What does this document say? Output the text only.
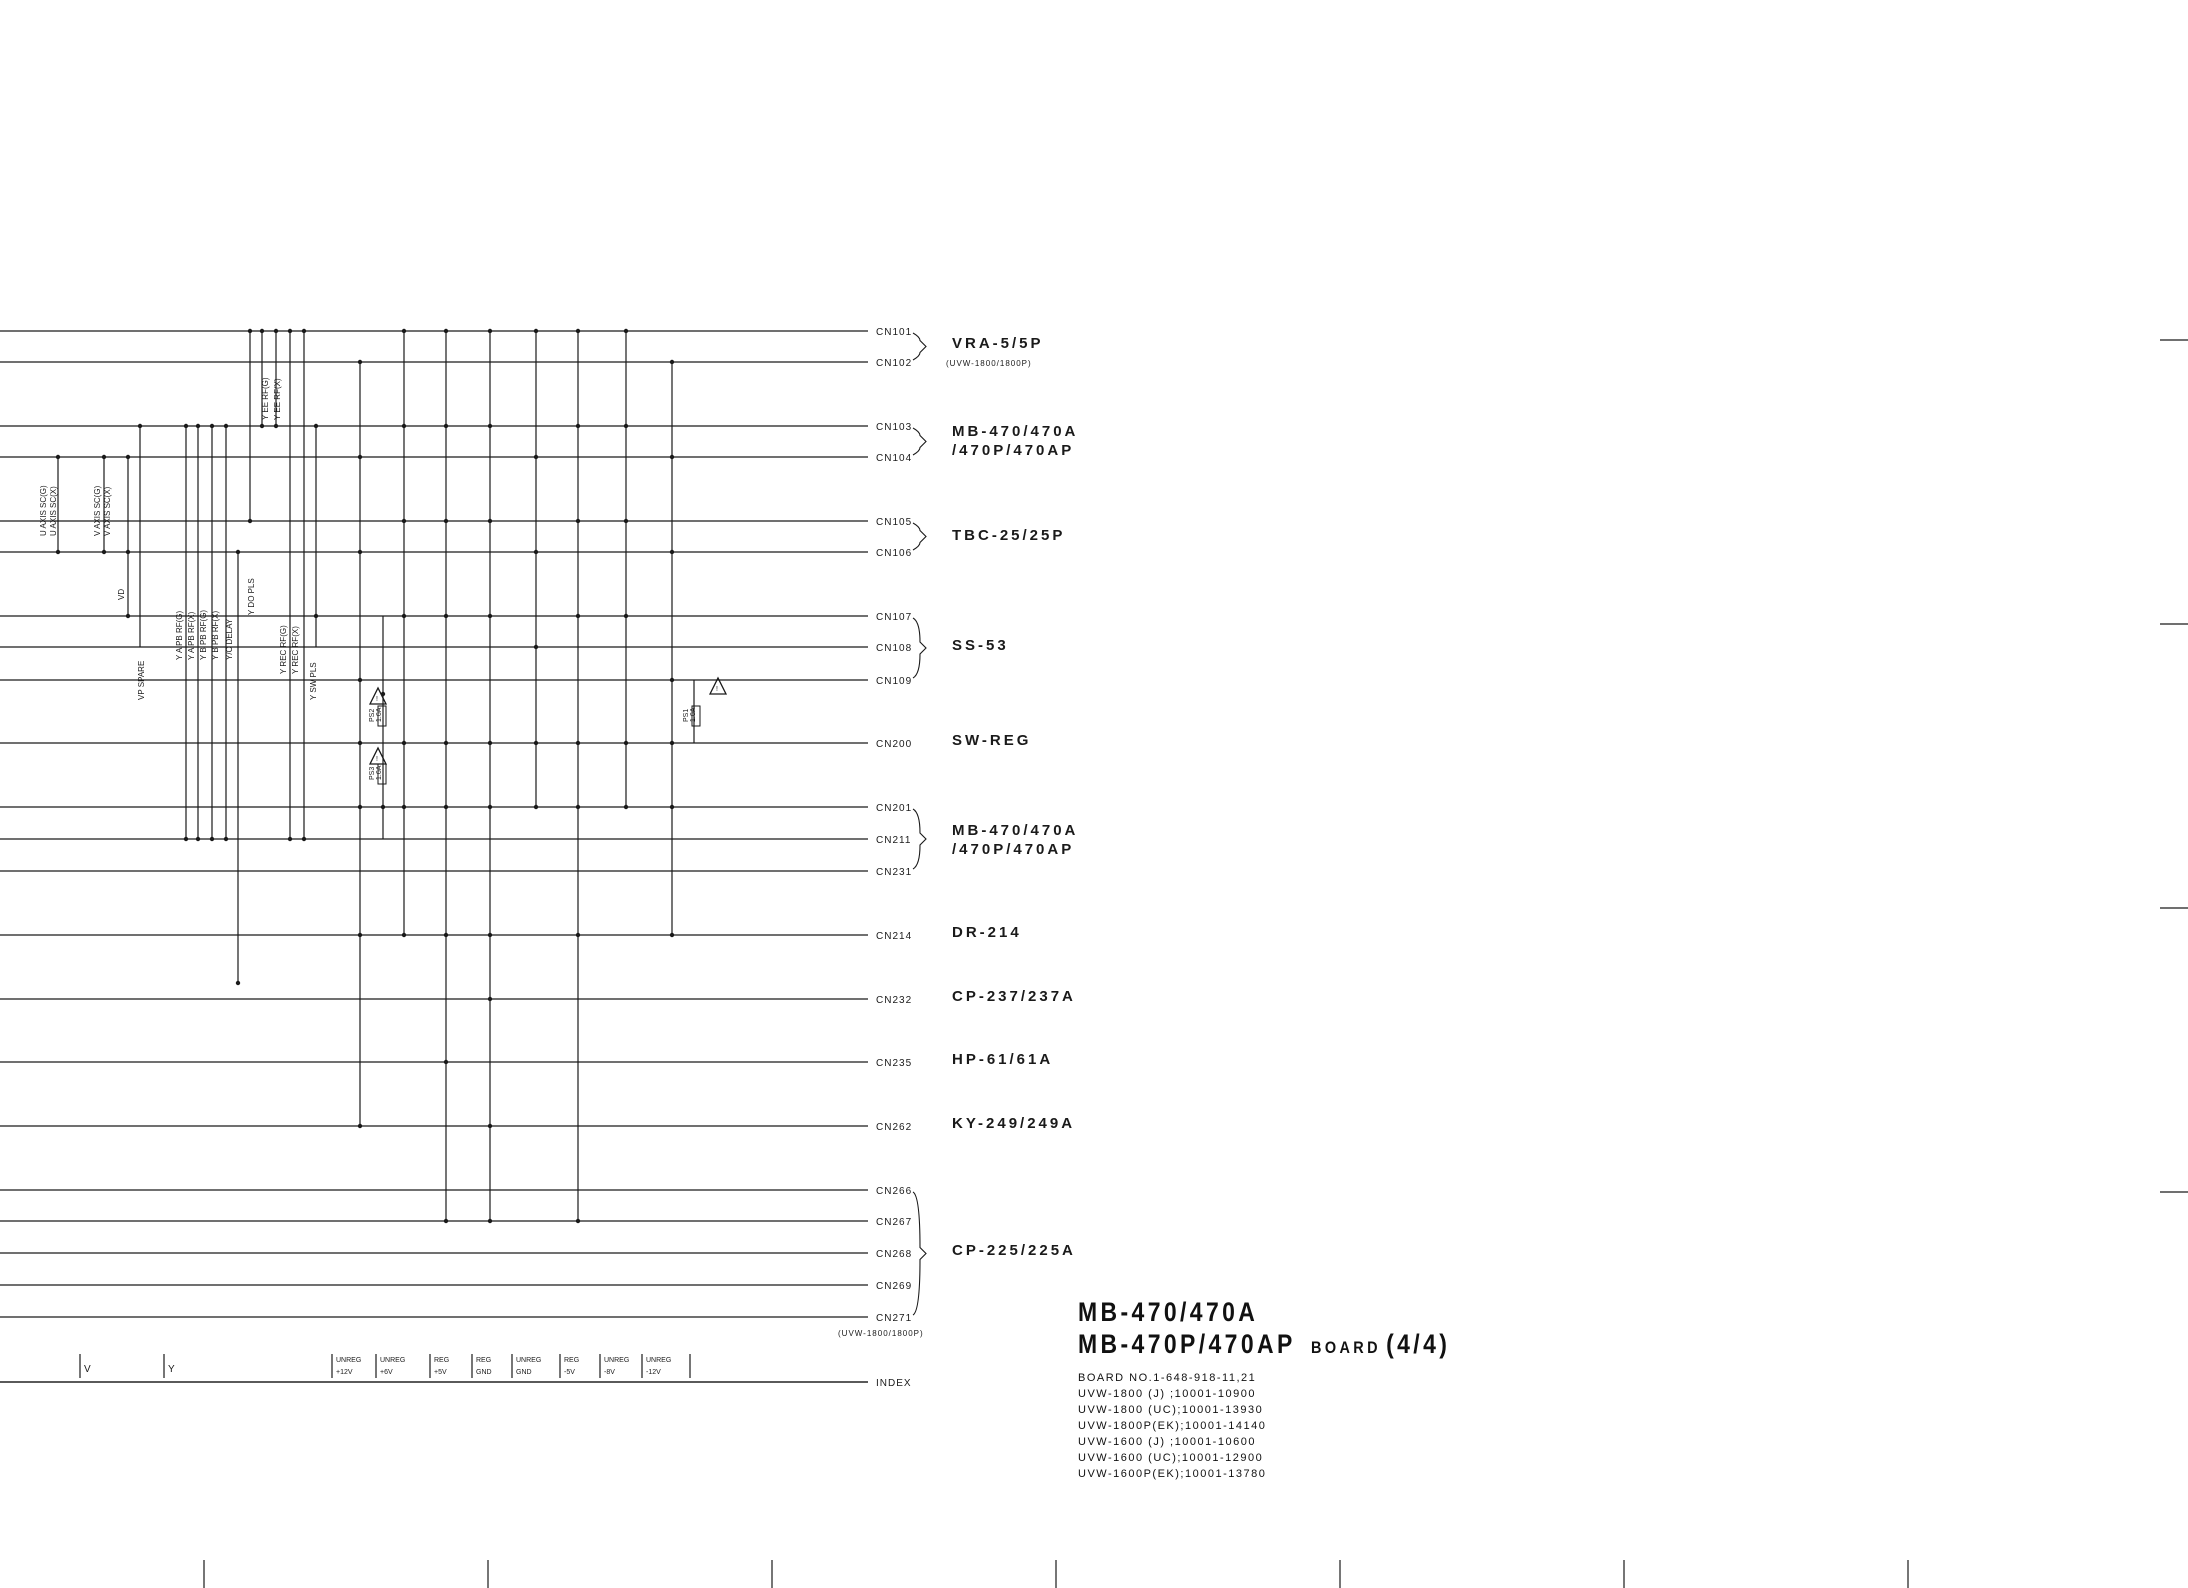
CN101
CN102
CN103
CN104
CN105
CN106
CN107
CN108
CN109
CN200
CN201
CN211
CN231
CN214
CN232
CN235
CN262
CN266
CN267
CN268
CN269
CN271
INDEX
U AXIS SC(G) U AXIS SC(X)	V AXIS SC(G) V AXIS SC(X)
VD
VP SPARE
Y A PB RF(G) Y A PB RF(X) Y B PB RF(G) Y B PB RF(X) Y/C DELAY
Y DO PLS
Y EE RF(G) Y EE RF(X)
Y REC RF(G) Y REC RF(X)
Y SW PLS
VRA-5/5P
(UVW-1800/1800P)
MB-470/470A
/470P/470AP
TBC-25/25P
SS-53
SW-REG
MB-470/470A
/470P/470AP
DR-214
CP-237/237A
HP-61/61A
KY-249/249A
CP-225/225A
(UVW-1800/1800P)
!
PS2 1.6A
!
PS3 1.6A
!
PS1 1.6A
V	Y
UNREG
+12V
UNREG
+6V
REG
+5V
REG
GND
UNREG
GND
REG
-5V
UNREG
-8V
UNREG
-12V
MB-470/470A
MB-470P/470AP BOARD (4/4)
BOARD NO.1-648-918-11,21
UVW-1800 (J) ;10001-10900
UVW-1800 (UC);10001-13930
UVW-1800P(EK);10001-14140
UVW-1600 (J) ;10001-10600
UVW-1600 (UC);10001-12900
UVW-1600P(EK);10001-13780
